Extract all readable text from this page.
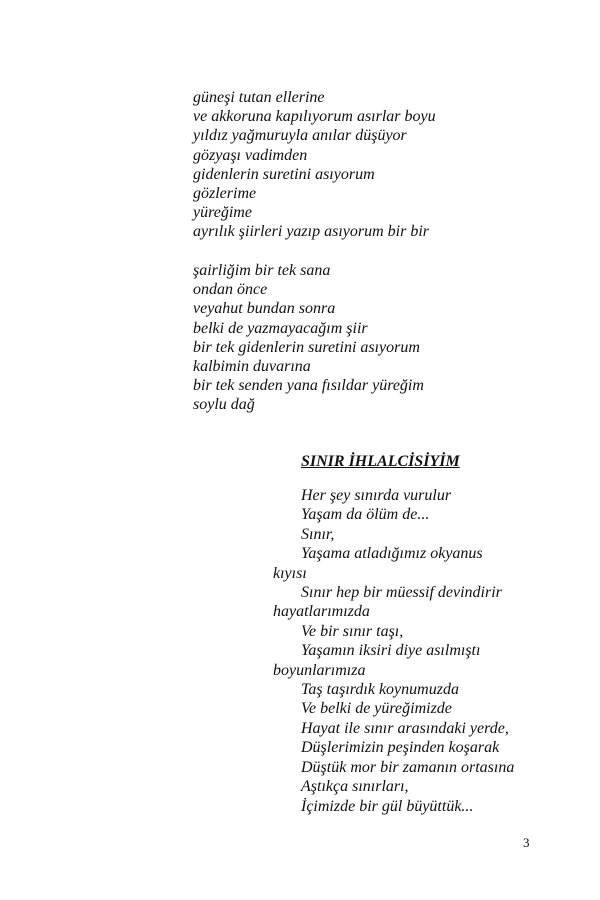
güneşi tutan ellerine
ve akkoruna kapılıyorum asırlar boyu
yıldız yağmuruyla anılar düşüyor
gözyaşı vadimden
gidenlerin suretini asıyorum
gözlerime
yüreğime
ayrılık şiirleri yazıp asıyorum bir bir
şairliğim bir tek sana
ondan önce
veyahut bundan sonra
belki de yazmayacağım şiir
bir tek gidenlerin suretini asıyorum
kalbimin duvarına
bir tek senden yana fısıldar yüreğim
soylu dağ
SINIR İHLALCİSİYİM
Her şey sınırda vurulur
Yaşam da ölüm de...
Sınır,
Yaşama atladığımız okyanus
kıyısı
Sınır hep bir müessif devindirir
hayatlarımızda
Ve bir sınır taşı,
Yaşamın iksiri diye asılmıştı
boyunlarımıza
Taş taşırdık koynumuzda
Ve belki de yüreğimizde
Hayat ile sınır arasındaki yerde,
Düşlerimizin peşinden koşarak
Düştük mor bir zamanın ortasına
Aştıkça sınırları,
İçimizde bir gül büyüttük...
3
